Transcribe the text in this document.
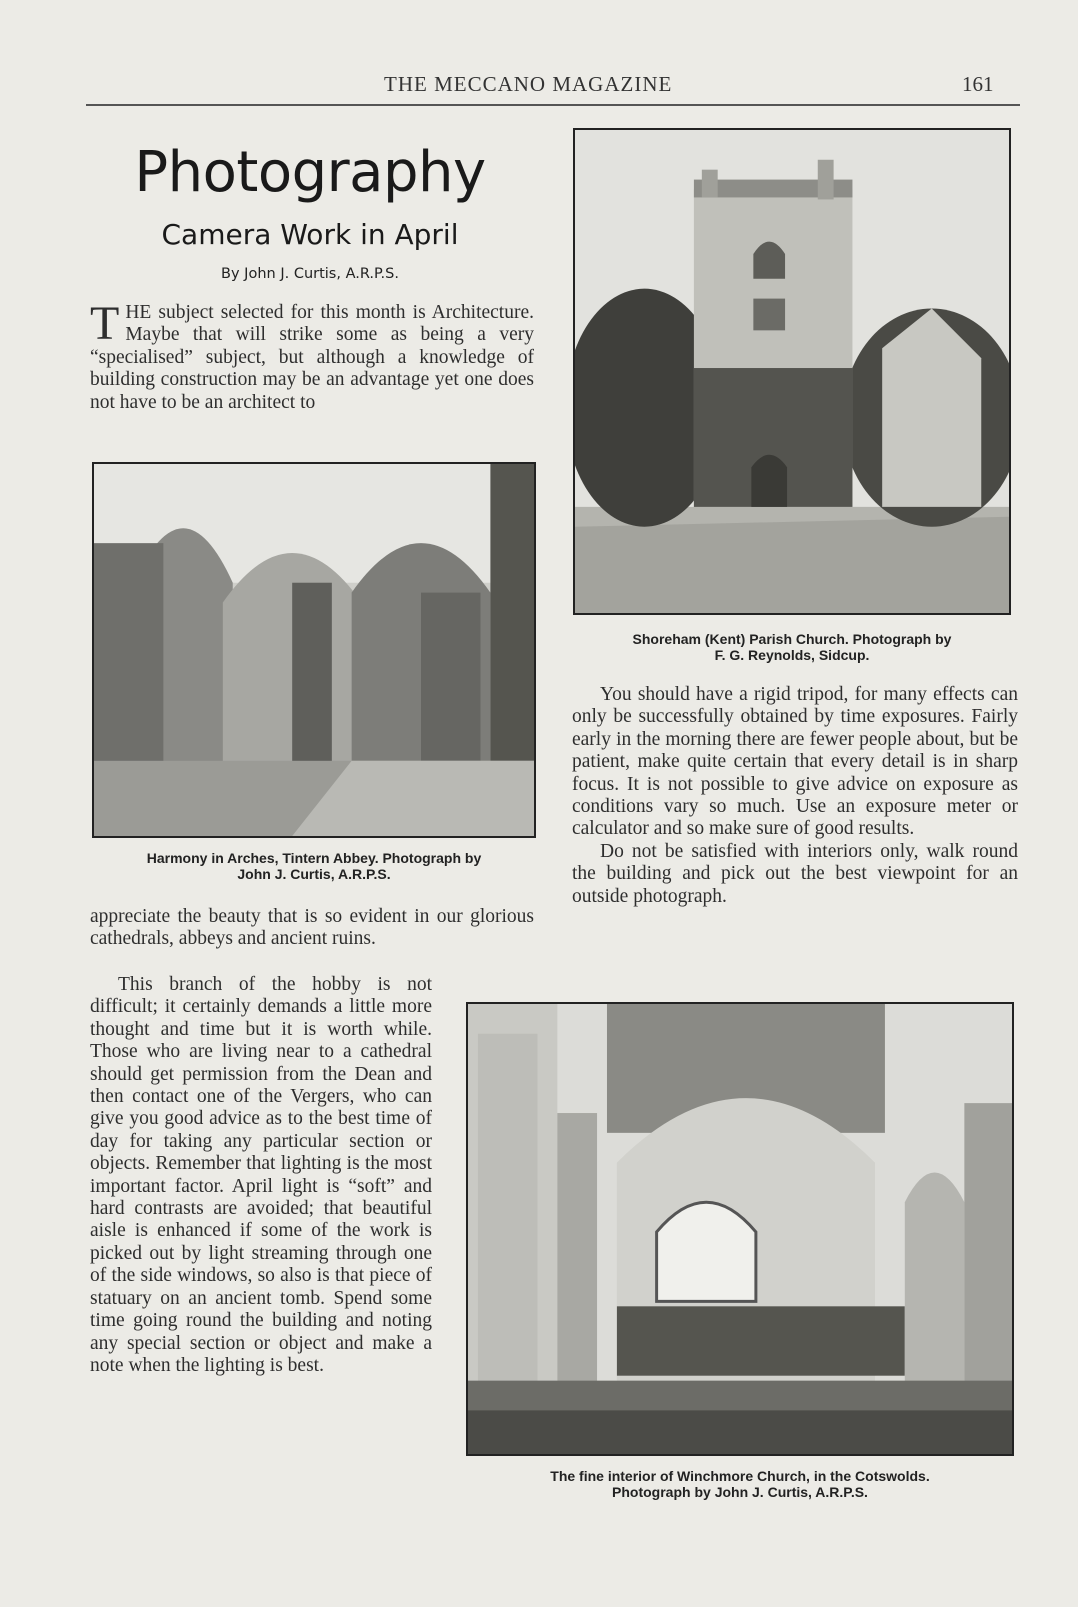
THE MECCANO MAGAZINE	161
Photography
Camera Work in April
By John J. Curtis, A.R.P.S.

THE subject selected for this month is Architecture. Maybe that will strike some as being a very “specialised” subject, but although a knowledge of building construction may be an advantage yet one does not have to be an architect to

Harmony in Arches, Tintern Abbey. Photograph by
John J. Curtis, A.R.P.S.

appreciate the beauty that is so evident in our glorious cathedrals, abbeys and ancient ruins.

This branch of the hobby is not difficult; it certainly demands a little more thought and time but it is worth while. Those who are living near to a cathedral should get permission from the Dean and then contact one of the Vergers, who can give you good advice as to the best time of day for taking any particular section or objects. Remember that lighting is the most important factor. April light is “soft” and hard contrasts are avoided; that beautiful aisle is enhanced if some of the work is picked out by light streaming through one of the side windows, so also is that piece of statuary on an ancient tomb. Spend some time going round the building and noting any special section or object and make a note when the lighting is best.

Shoreham (Kent) Parish Church. Photograph by
F. G. Reynolds, Sidcup.

You should have a rigid tripod, for many effects can only be successfully obtained by time exposures. Fairly early in the morning there are fewer people about, but be patient, make quite certain that every detail is in sharp focus. It is not possible to give advice on exposure as conditions vary so much. Use an exposure meter or calculator and so make sure of good results.

Do not be satisfied with interiors only, walk round the building and pick out the best viewpoint for an outside photograph.

The fine interior of Winchmore Church, in the Cotswolds.
Photograph by John J. Curtis, A.R.P.S.
